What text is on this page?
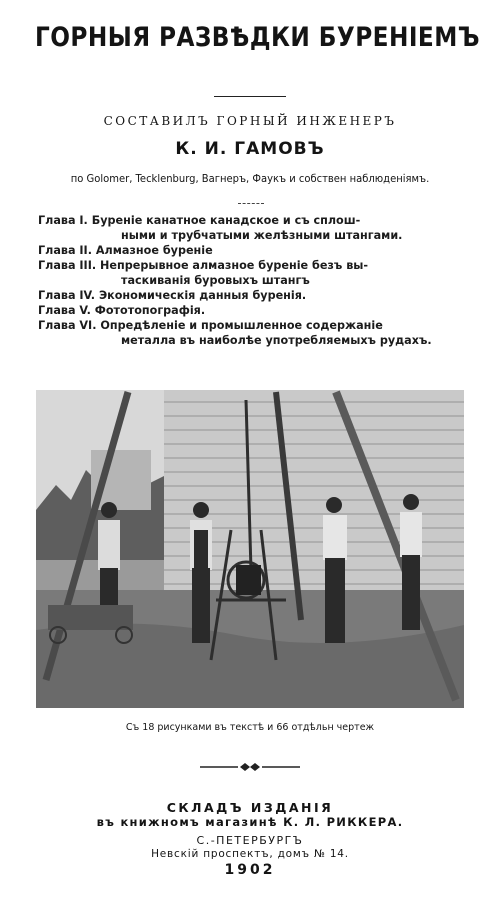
ГОРНЫЯ РАЗВѢДКИ БУРЕНІЕМЪ
СОСТАВИЛЪ ГОРНЫЙ ИНЖЕНЕРЪ
К. И. ГАМОВЪ
по Golomer, Tecklenburg, Вагнеръ, Фаукъ и собствен наблюденіямъ.
Глава I. Буреніе канатное канадское и съ сплош-
ными и трубчатыми желѣзными штангами.
Глава II. Алмазное буреніе
Глава III. Непрерывное алмазное буреніе безъ вы-
таскиванія буровыхъ штангъ
Глава IV. Экономическія данныя буренія.
Глава V. Фототопографія.
Глава VI. Опредѣленіе и промышленное содержаніе
металла въ наиболѣе употребляемыхъ рудахъ.
Съ 18 рисунками въ текстѣ и 66 отдѣльн чертеж
СКЛАДЪ ИЗДАНІЯ
въ книжномъ магазинѣ К. Л. РИККЕРА.
С.-ПЕТЕРБУРГЪ
Невскій проспектъ, домъ № 14.
1902
